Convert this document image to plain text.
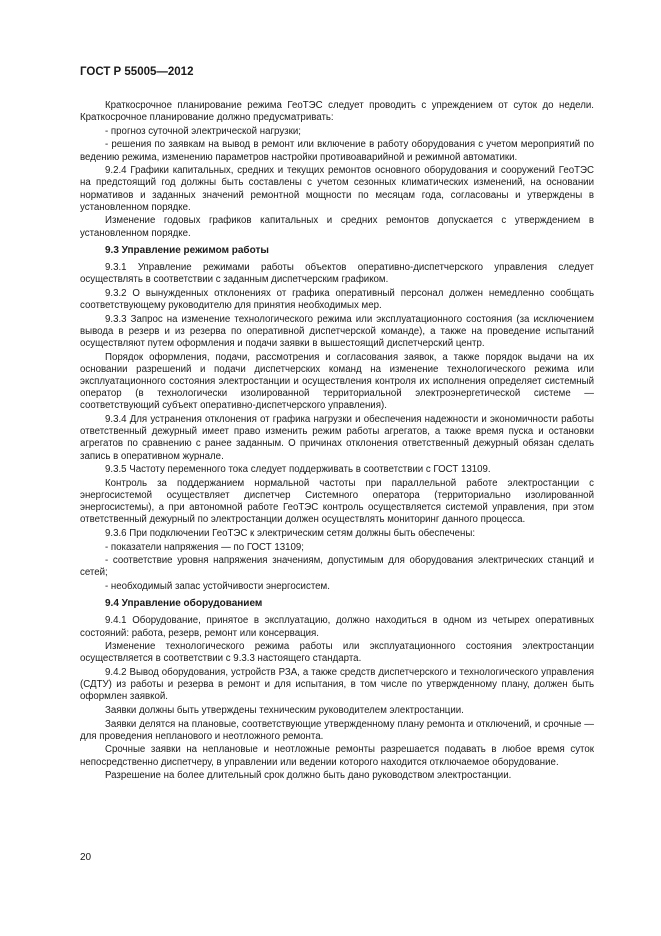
ГОСТ Р 55005—2012

Краткосрочное планирование режима ГеоТЭС следует проводить с упреждением от суток до недели. Краткосрочное планирование должно предусматривать:

- прогноз суточной электрической нагрузки;

- решения по заявкам на вывод в ремонт или включение в работу оборудования с учетом мероприятий по ведению режима, изменению параметров настройки противоаварийной и режимной автоматики.

9.2.4 Графики капитальных, средних и текущих ремонтов основного оборудования и сооружений ГеоТЭС на предстоящий год должны быть составлены с учетом сезонных климатических изменений, на основании нормативов и заданных значений ремонтной мощности по месяцам года, согласованы и утверждены в установленном порядке.

Изменение годовых графиков капитальных и средних ремонтов допускается с утверждением в установленном порядке.

9.3 Управление режимом работы

9.3.1 Управление режимами работы объектов оперативно-диспетчерского управления следует осуществлять в соответствии с заданным диспетчерским графиком.

9.3.2 О вынужденных отклонениях от графика оперативный персонал должен немедленно сообщать соответствующему руководителю для принятия необходимых мер.

9.3.3 Запрос на изменение технологического режима или эксплуатационного состояния (за исключением вывода в резерв и из резерва по оперативной диспетчерской команде), а также на проведение испытаний осуществляют путем оформления и подачи заявки в вышестоящий диспетчерский центр.

Порядок оформления, подачи, рассмотрения и согласования заявок, а также порядок выдачи на их основании разрешений и подачи диспетчерских команд на изменение технологического режима или эксплуатационного состояния электростанции и осуществления контроля их исполнения определяет системный оператор (в технологически изолированной территориальной электроэнергетической системе — соответствующий субъект оперативно-диспетчерского управления).

9.3.4 Для устранения отклонения от графика нагрузки и обеспечения надежности и экономичности работы ответственный дежурный имеет право изменить режим работы агрегатов, а также время пуска и остановки агрегатов по сравнению с ранее заданным. О причинах отклонения ответственный дежурный обязан сделать запись в оперативном журнале.

9.3.5 Частоту переменного тока следует поддерживать в соответствии с ГОСТ 13109.

Контроль за поддержанием нормальной частоты при параллельной работе электростанции с энергосистемой осуществляет диспетчер Системного оператора (территориально изолированной энергосистемы), а при автономной работе ГеоТЭС контроль осуществляется системой управления, при этом ответственный дежурный по электростанции должен осуществлять мониторинг данного процесса.

9.3.6 При подключении ГеоТЭС к электрическим сетям должны быть обеспечены:

- показатели напряжения — по ГОСТ 13109;

- соответствие уровня напряжения значениям, допустимым для оборудования электрических станций и сетей;

- необходимый запас устойчивости энергосистем.

9.4 Управление оборудованием

9.4.1 Оборудование, принятое в эксплуатацию, должно находиться в одном из четырех оперативных состояний: работа, резерв, ремонт или консервация.

Изменение технологического режима работы или эксплуатационного состояния электростанции осуществляется в соответствии с 9.3.3 настоящего стандарта.

9.4.2 Вывод оборудования, устройств РЗА, а также средств диспетчерского и технологического управления (СДТУ) из работы и резерва в ремонт и для испытания, в том числе по утвержденному плану, должен быть оформлен заявкой.

Заявки должны быть утверждены техническим руководителем электростанции.

Заявки делятся на плановые, соответствующие утвержденному плану ремонта и отключений, и срочные — для проведения непланового и неотложного ремонта.

Срочные заявки на неплановые и неотложные ремонты разрешается подавать в любое время суток непосредственно диспетчеру, в управлении или ведении которого находится отключаемое оборудование.

Разрешение на более длительный срок должно быть дано руководством электростанции.

20
